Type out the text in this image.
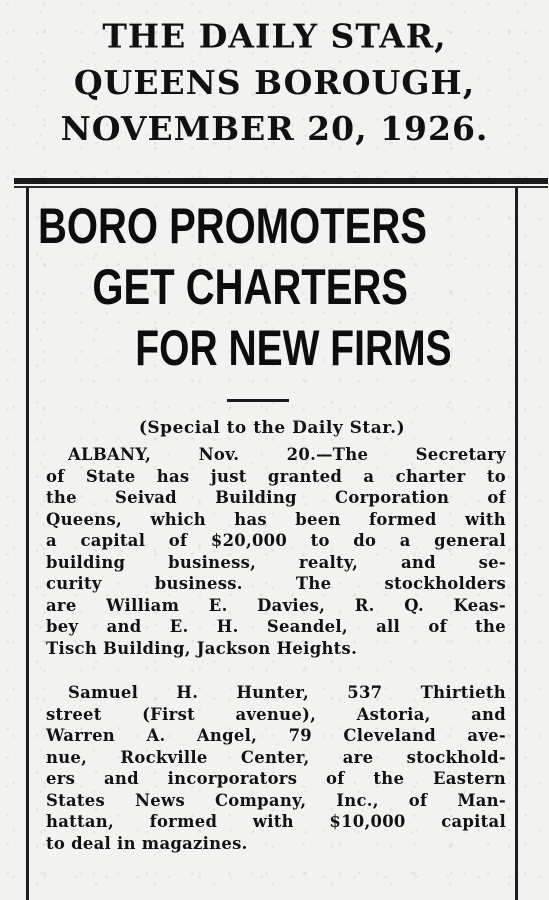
THE DAILY STAR,
QUEENS BOROUGH,
NOVEMBER 20, 1926.
BORO PROMOTERS
GET CHARTERS
FOR NEW FIRMS
(Special to the Daily Star.)
ALBANY, Nov. 20.—The Secretary
of State has just granted a charter to
the Seivad Building Corporation of
Queens, which has been formed with
a capital of $20,000 to do a general
building business, realty, and se-
curity business. The stockholders
are William E. Davies, R. Q. Keas-
bey and E. H. Seandel, all of the
Tisch Building, Jackson Heights.
Samuel H. Hunter, 537 Thirtieth
street (First avenue), Astoria, and
Warren A. Angel, 79 Cleveland ave-
nue, Rockville Center, are stockhold-
ers and incorporators of the Eastern
States News Company, Inc., of Man-
hattan, formed with $10,000 capital
to deal in magazines.
